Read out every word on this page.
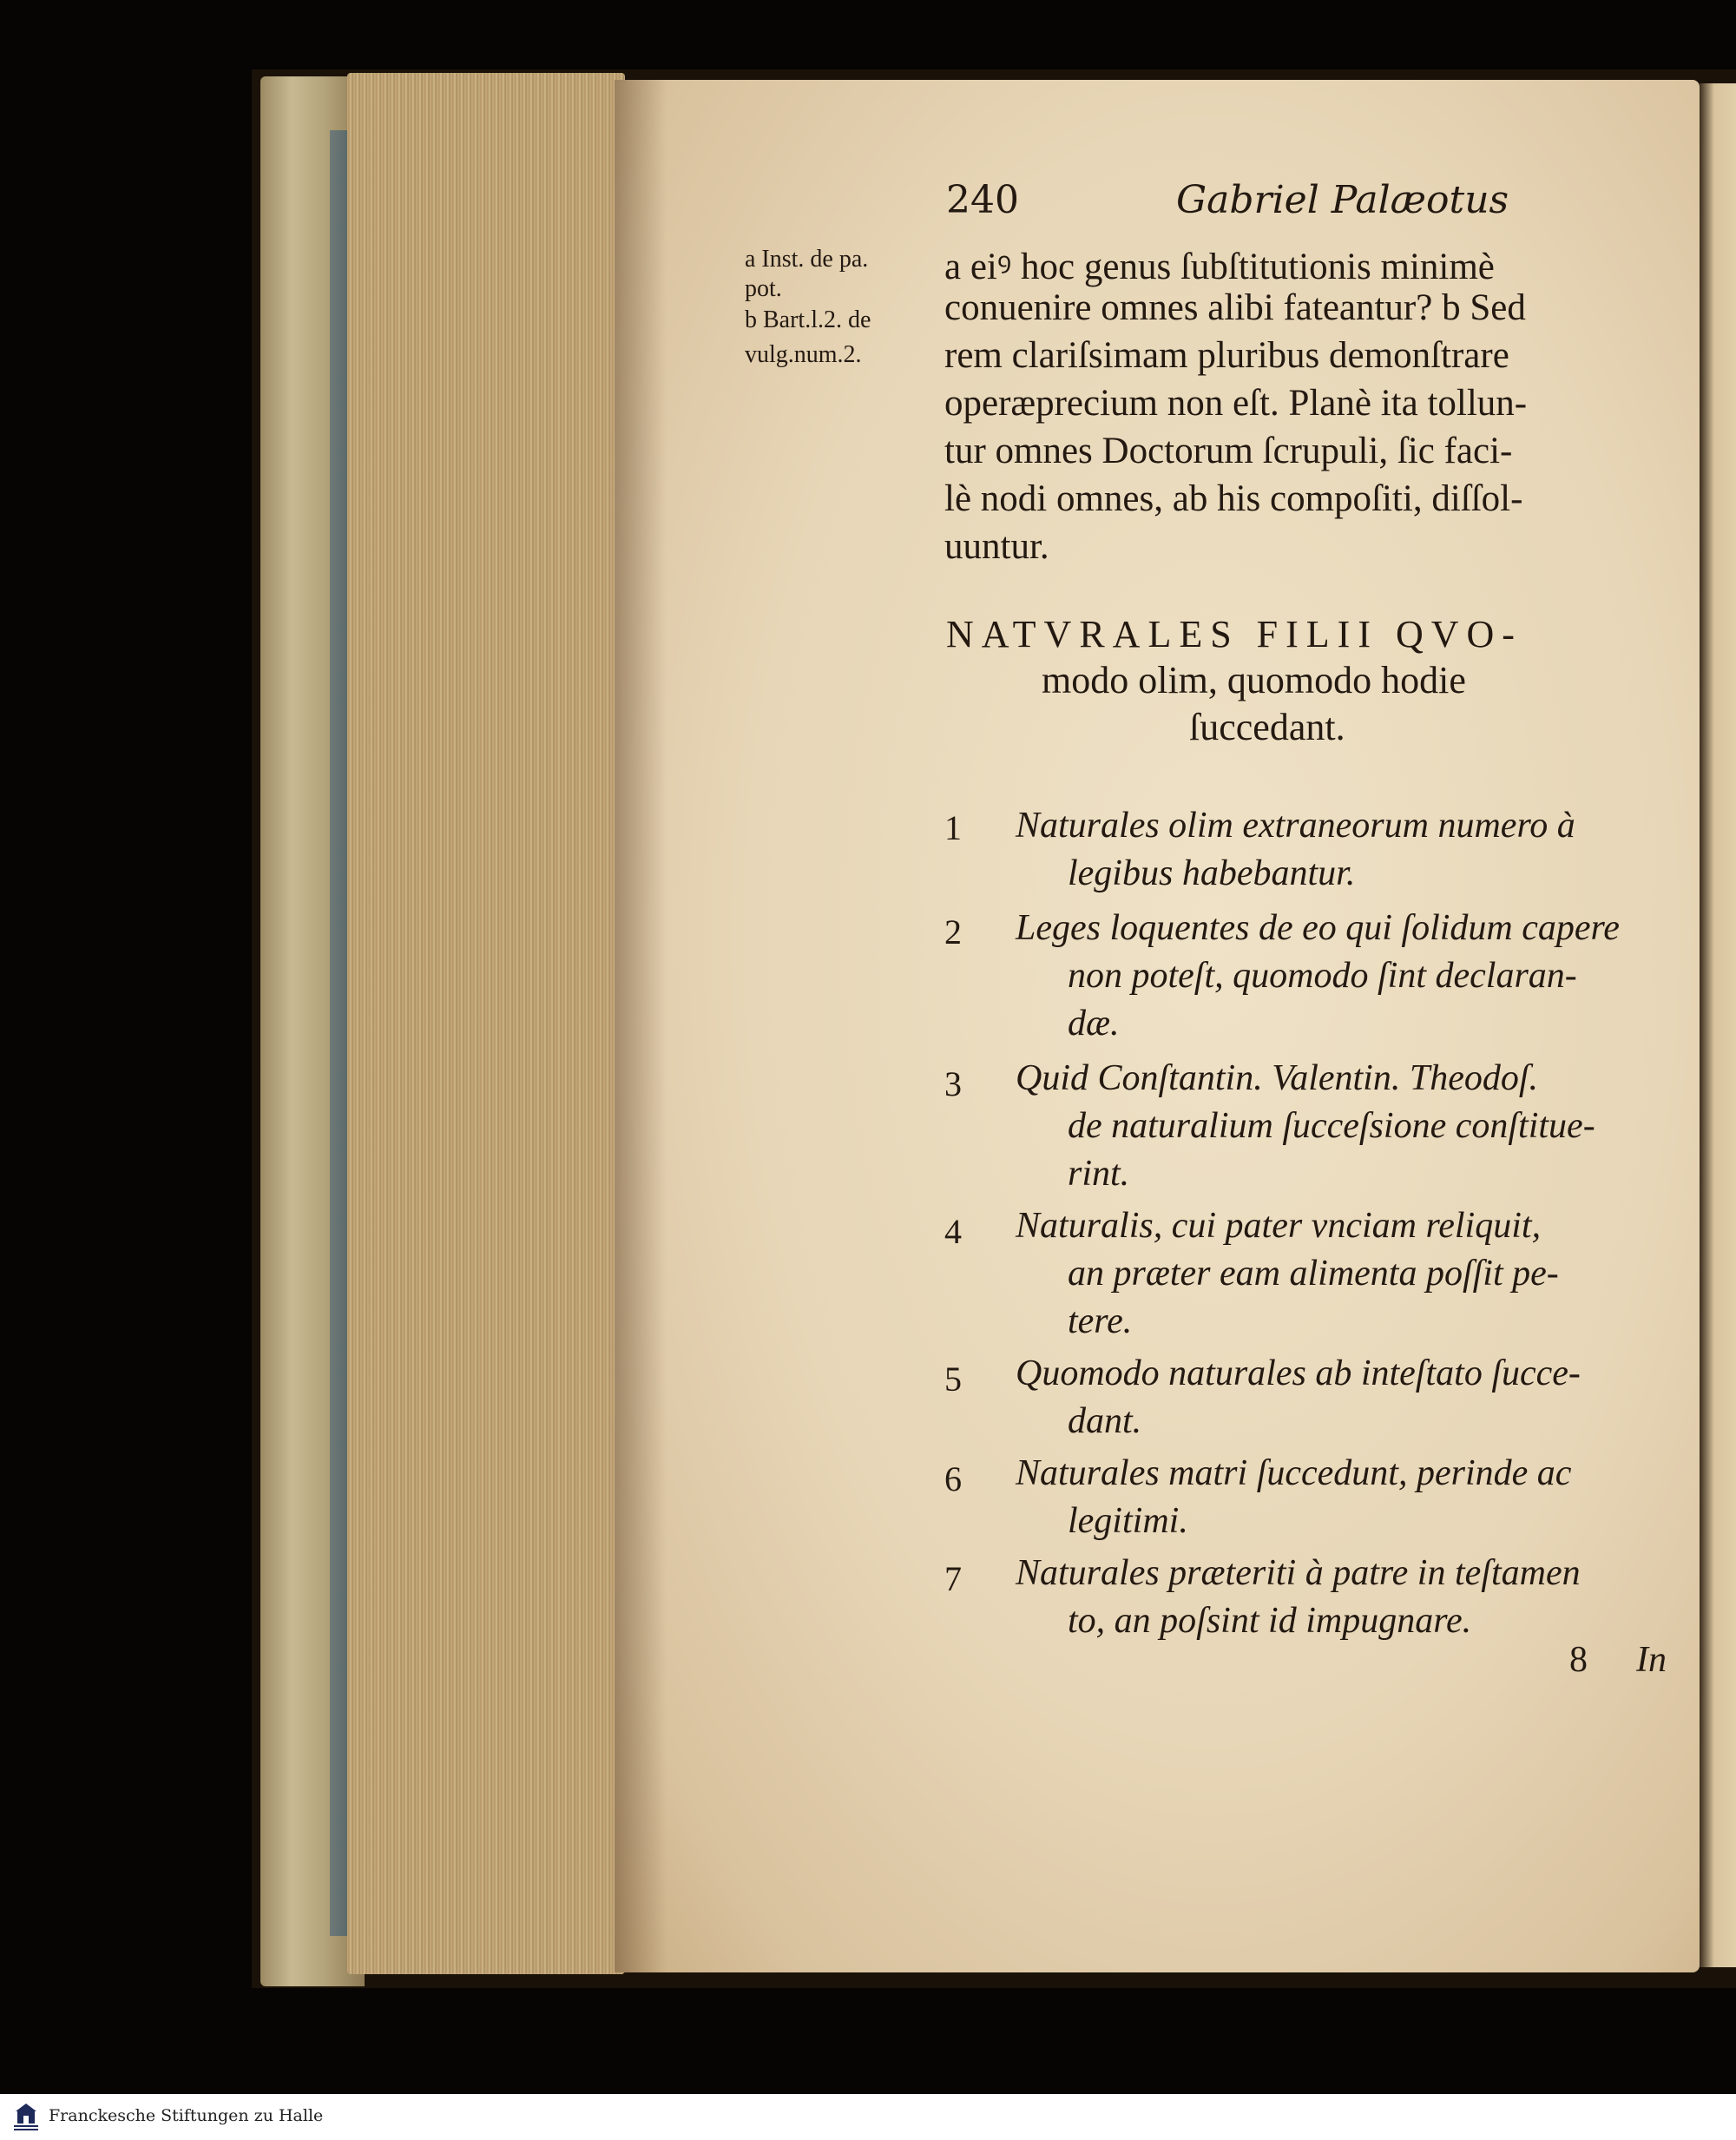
240	Gabriel Palæotus
a Inst. de pa.
pot.
b Bart.l.2. de
vulg.num.2.
a eiꝰ hoc genus ſubſtitutionis minimè
conuenire omnes alibi fateantur? b Sed
rem clariſsimam pluribus demonſtrare
operæprecium non eſt. Planè ita tollun-
tur omnes Doctorum ſcrupuli, ſic faci-
lè nodi omnes, ab his compoſiti, diſſol-
uuntur.
NATVRALES FILII QVO-
modo olim, quomodo hodie
ſuccedant.
1 Naturales olim extraneorum numero à
legibus habebantur.
2 Leges loquentes de eo qui ſolidum capere
non poteſt, quomodo ſint declaran-
dæ.
3 Quid Conſtantin. Valentin. Theodoſ.
de naturalium ſucceſsione conſtitue-
rint.
4 Naturalis, cui pater vnciam reliquit,
an præter eam alimenta poſſit pe-
tere.
5 Quomodo naturales ab inteſtato ſucce-
dant.
6 Naturales matri ſuccedunt, perinde ac
legitimi.
7 Naturales præteriti à patre in teſtamen
to, an poſsint id impugnare.
8 In
Franckesche Stiftungen zu Halle
